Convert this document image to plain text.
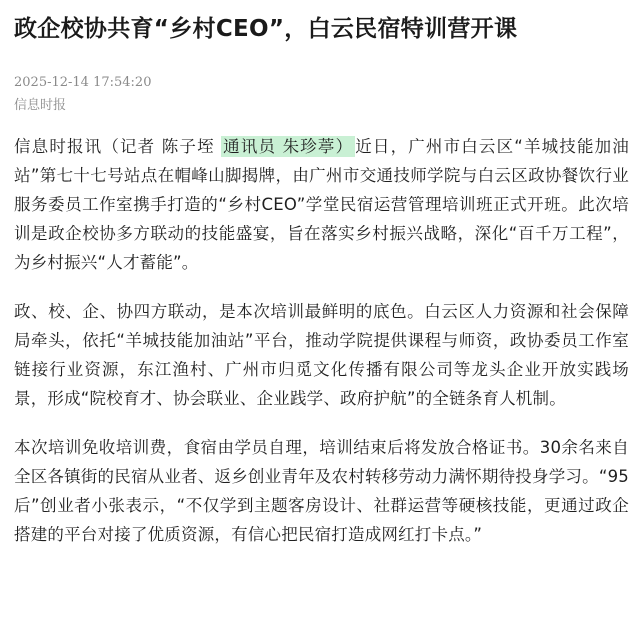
政企校协共育“乡村CEO”，白云民宿特训营开课
2025-12-14 17:54:20
信息时报

信息时报讯（记者 陈子垤 通讯员 朱珍葶） 近日，广州市白云区“羊城技能加油站”第七十七号站点在帽峰山脚揭牌，由广州市交通技师学院与白云区政协餐饮行业服务委员工作室携手打造的“乡村CEO”学堂民宿运营管理培训班正式开班。此次培训是政企校协多方联动的技能盛宴，旨在落实乡村振兴战略，深化“百千万工程”，为乡村振兴“人才蓄能”。

政、校、企、协四方联动，是本次培训最鲜明的底色。白云区人力资源和社会保障局牵头，依托“羊城技能加油站”平台，推动学院提供课程与师资，政协委员工作室链接行业资源，东江渔村、广州市归觅文化传播有限公司等龙头企业开放实践场景，形成“院校育才、协会联业、企业践学、政府护航”的全链条育人机制。

本次培训免收培训费，食宿由学员自理，培训结束后将发放合格证书。30余名来自全区各镇街的民宿从业者、返乡创业青年及农村转移劳动力满怀期待投身学习。“95后”创业者小张表示，“不仅学到主题客房设计、社群运营等硬核技能，更通过政企搭建的平台对接了优质资源，有信心把民宿打造成网红打卡点。”
